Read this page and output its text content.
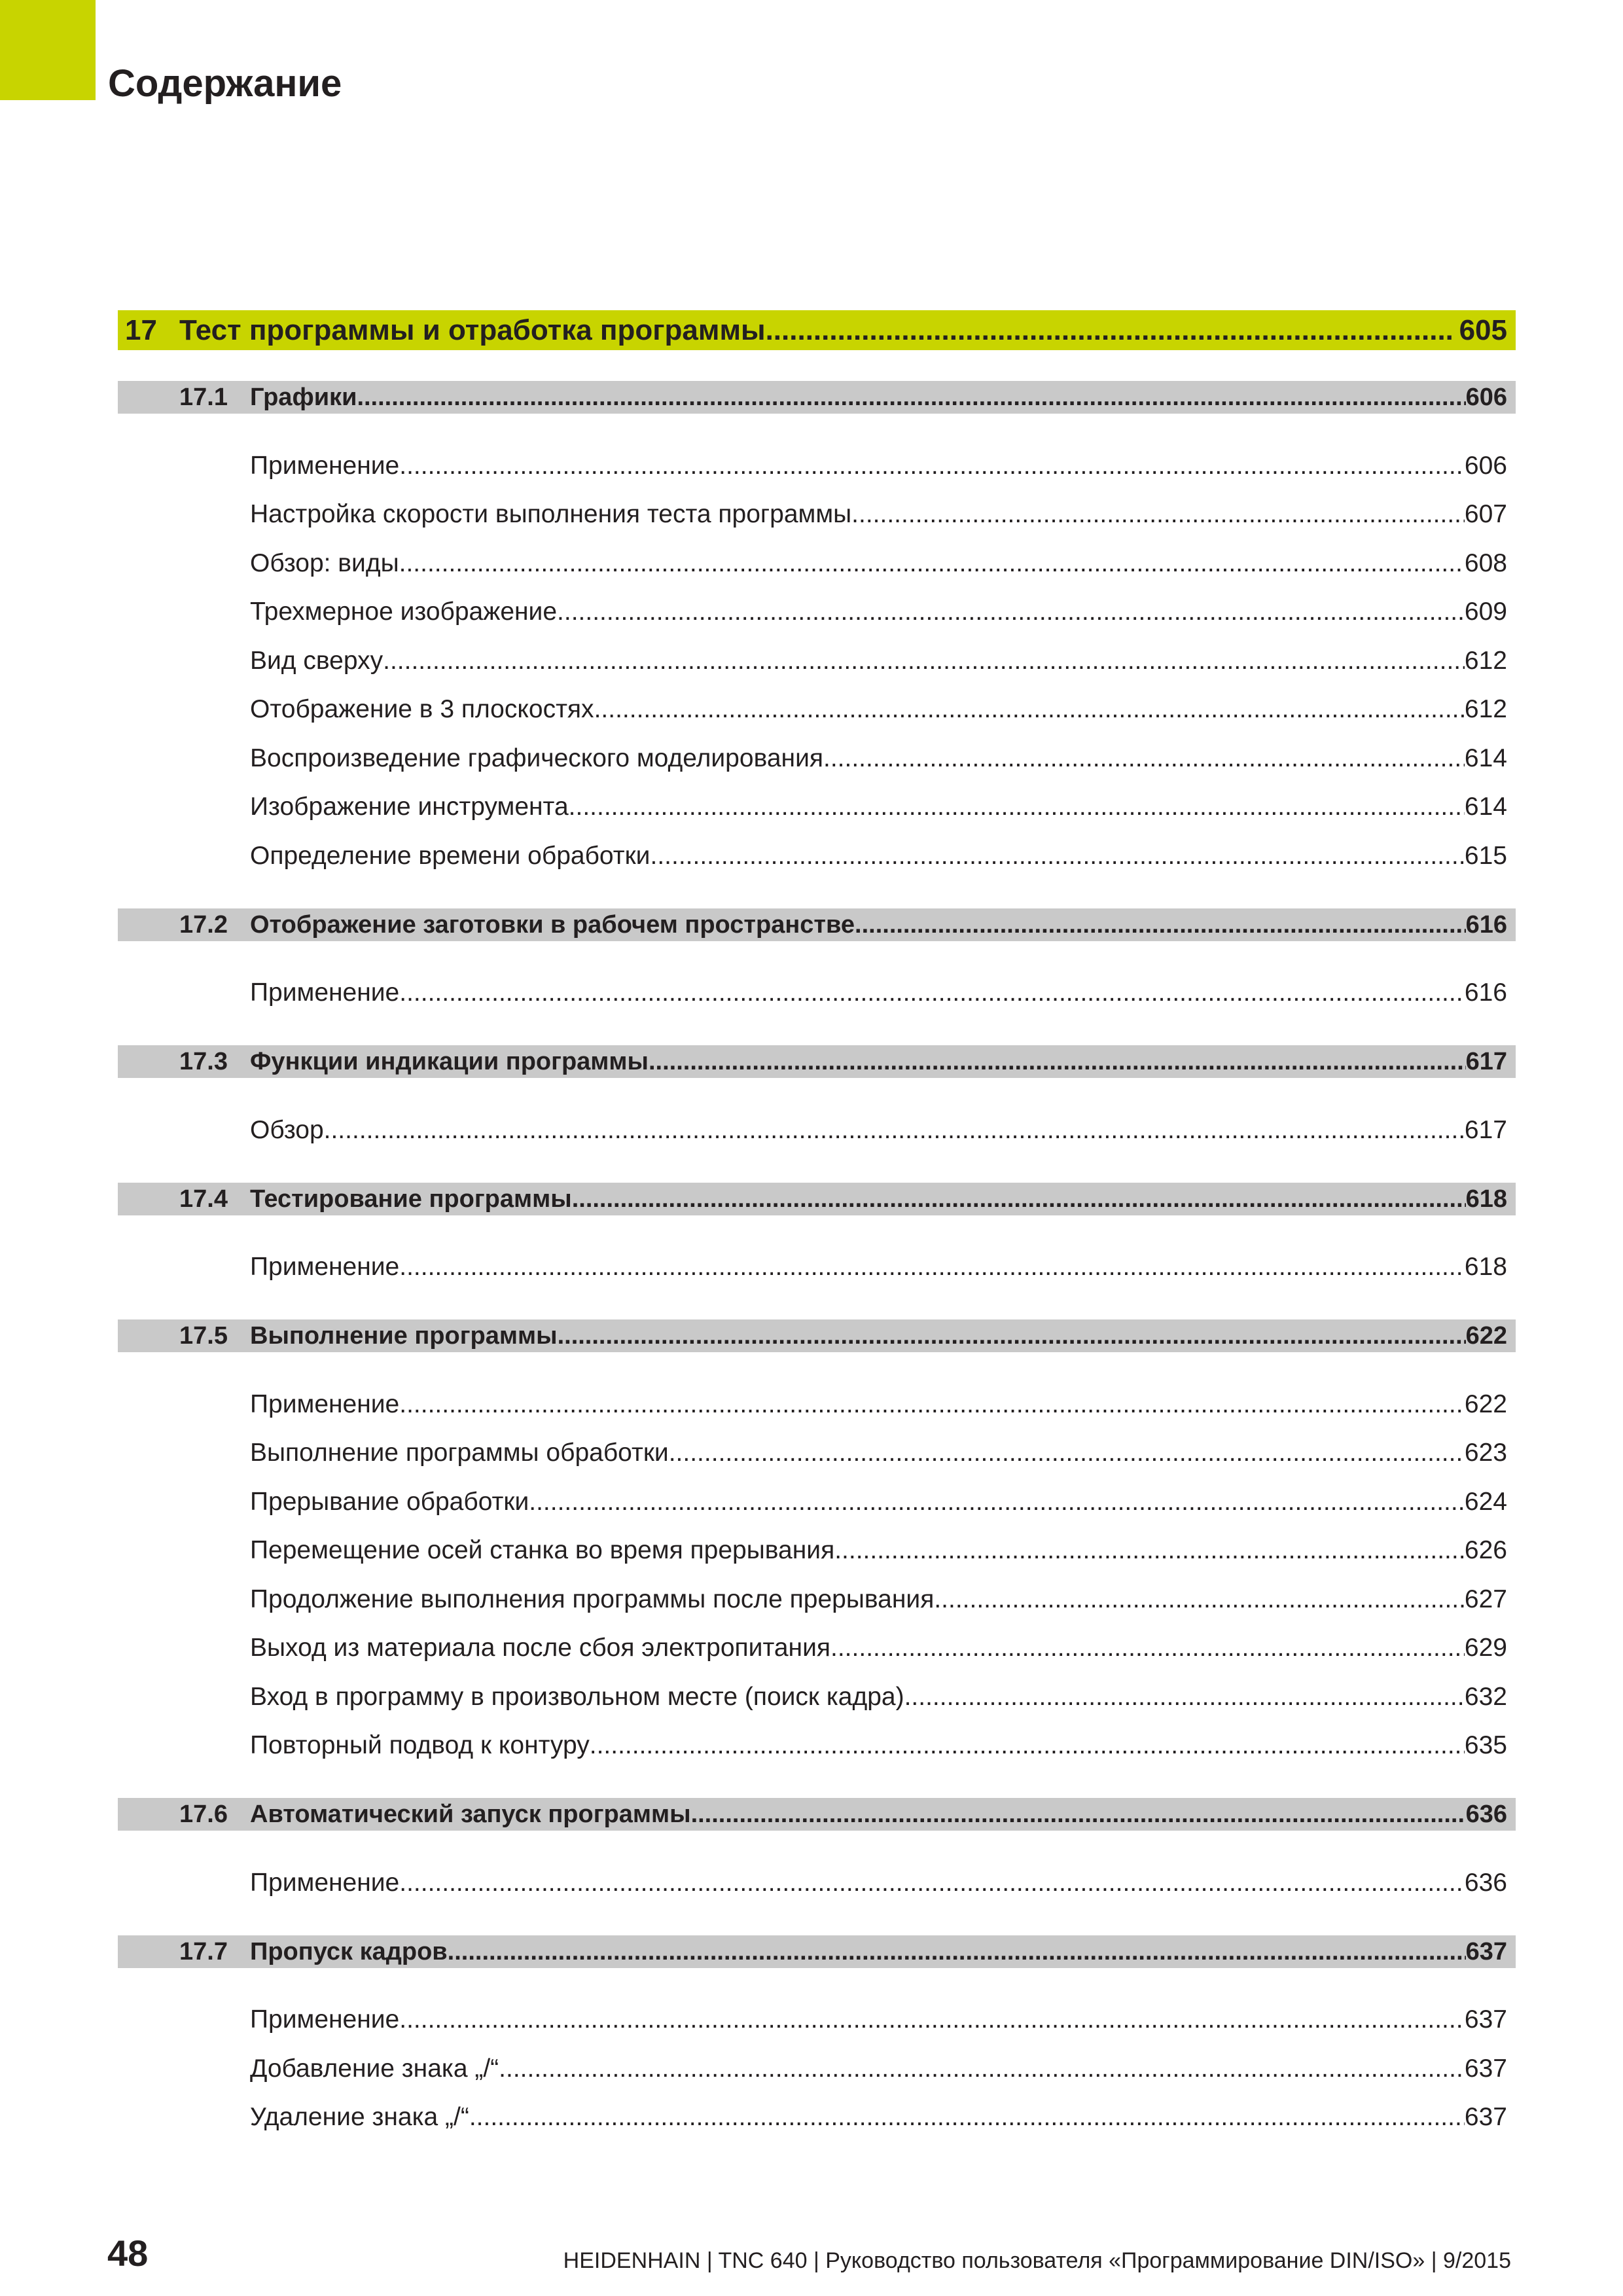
Содержание
17 Тест программы и отработка программы .....	605
17.1 Графики .....	606
Применение .....	606
Настройка скорости выполнения теста программы .....	607
Обзор: виды .....	608
Трехмерное изображение .....	609
Вид сверху .....	612
Отображение в 3 плоскостях .....	612
Воспроизведение графического моделирования .....	614
Изображение инструмента .....	614
Определение времени обработки .....	615
17.2 Отображение заготовки в рабочем пространстве .....	616
Применение .....	616
17.3 Функции индикации программы .....	617
Обзор .....	617
17.4 Тестирование программы .....	618
Применение .....	618
17.5 Выполнение программы .....	622
Применение .....	622
Выполнение программы обработки .....	623
Прерывание обработки .....	624
Перемещение осей станка во время прерывания .....	626
Продолжение выполнения программы после прерывания .....	627
Выход из материала после сбоя электропитания .....	629
Вход в программу в произвольном месте (поиск кадра) .....	632
Повторный подвод к контуру .....	635
17.6 Автоматический запуск программы .....	636
Применение .....	636
17.7 Пропуск кадров .....	637
Применение .....	637
Добавление знака „/“ .....	637
Удаление знака „/“ .....	637
48	HEIDENHAIN | TNC 640 | Руководство пользователя «Программирование DIN/ISO» | 9/2015
